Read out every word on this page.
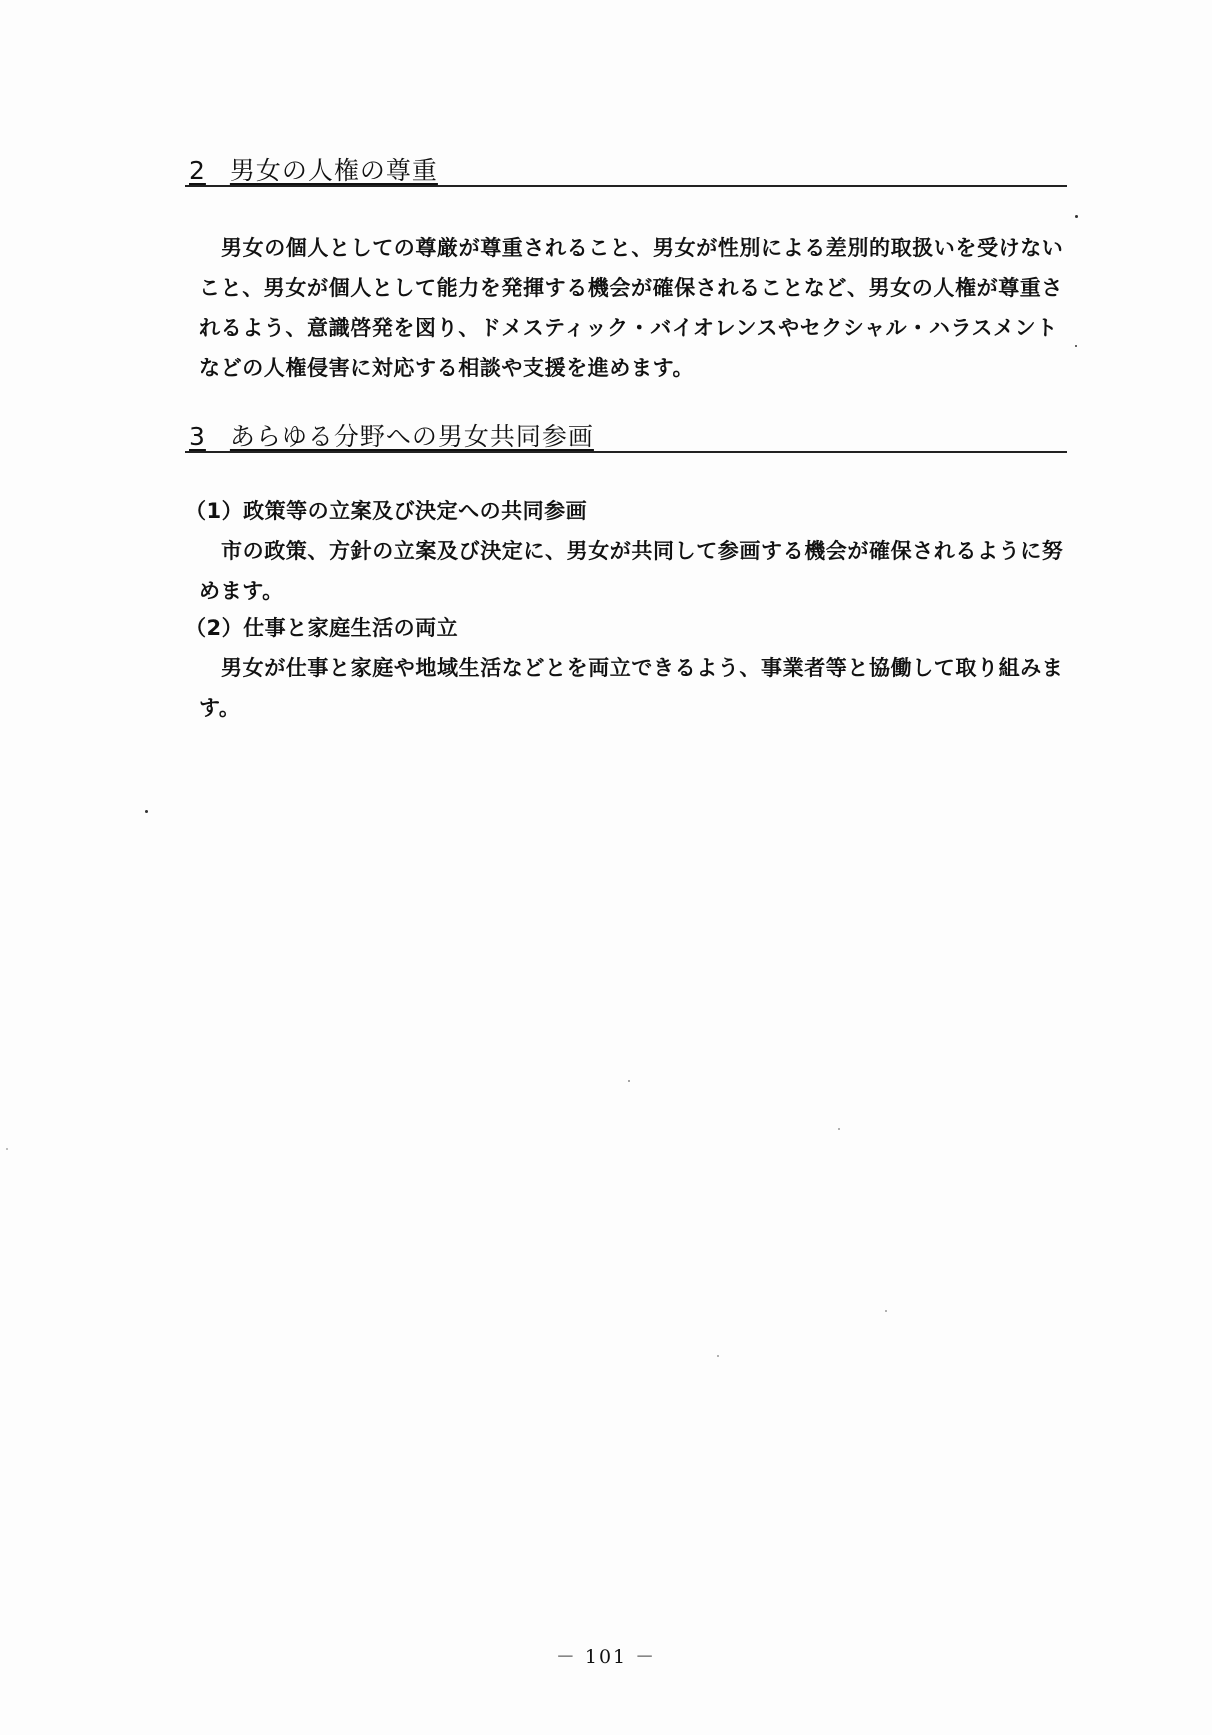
2 男女の人権の尊重
男女の個人としての尊厳が尊重されること、男女が性別による差別的取扱いを受けない
こと、男女が個人として能力を発揮する機会が確保されることなど、男女の人権が尊重さ
れるよう、意識啓発を図り、ドメスティック・バイオレンスやセクシャル・ハラスメント
などの人権侵害に対応する相談や支援を進めます。
3 あらゆる分野への男女共同参画
（1）政策等の立案及び決定への共同参画
市の政策、方針の立案及び決定に、男女が共同して参画する機会が確保されるように努
めます。
（2）仕事と家庭生活の両立
男女が仕事と家庭や地域生活などとを両立できるよう、事業者等と協働して取り組みま
す。
－ 101 －
